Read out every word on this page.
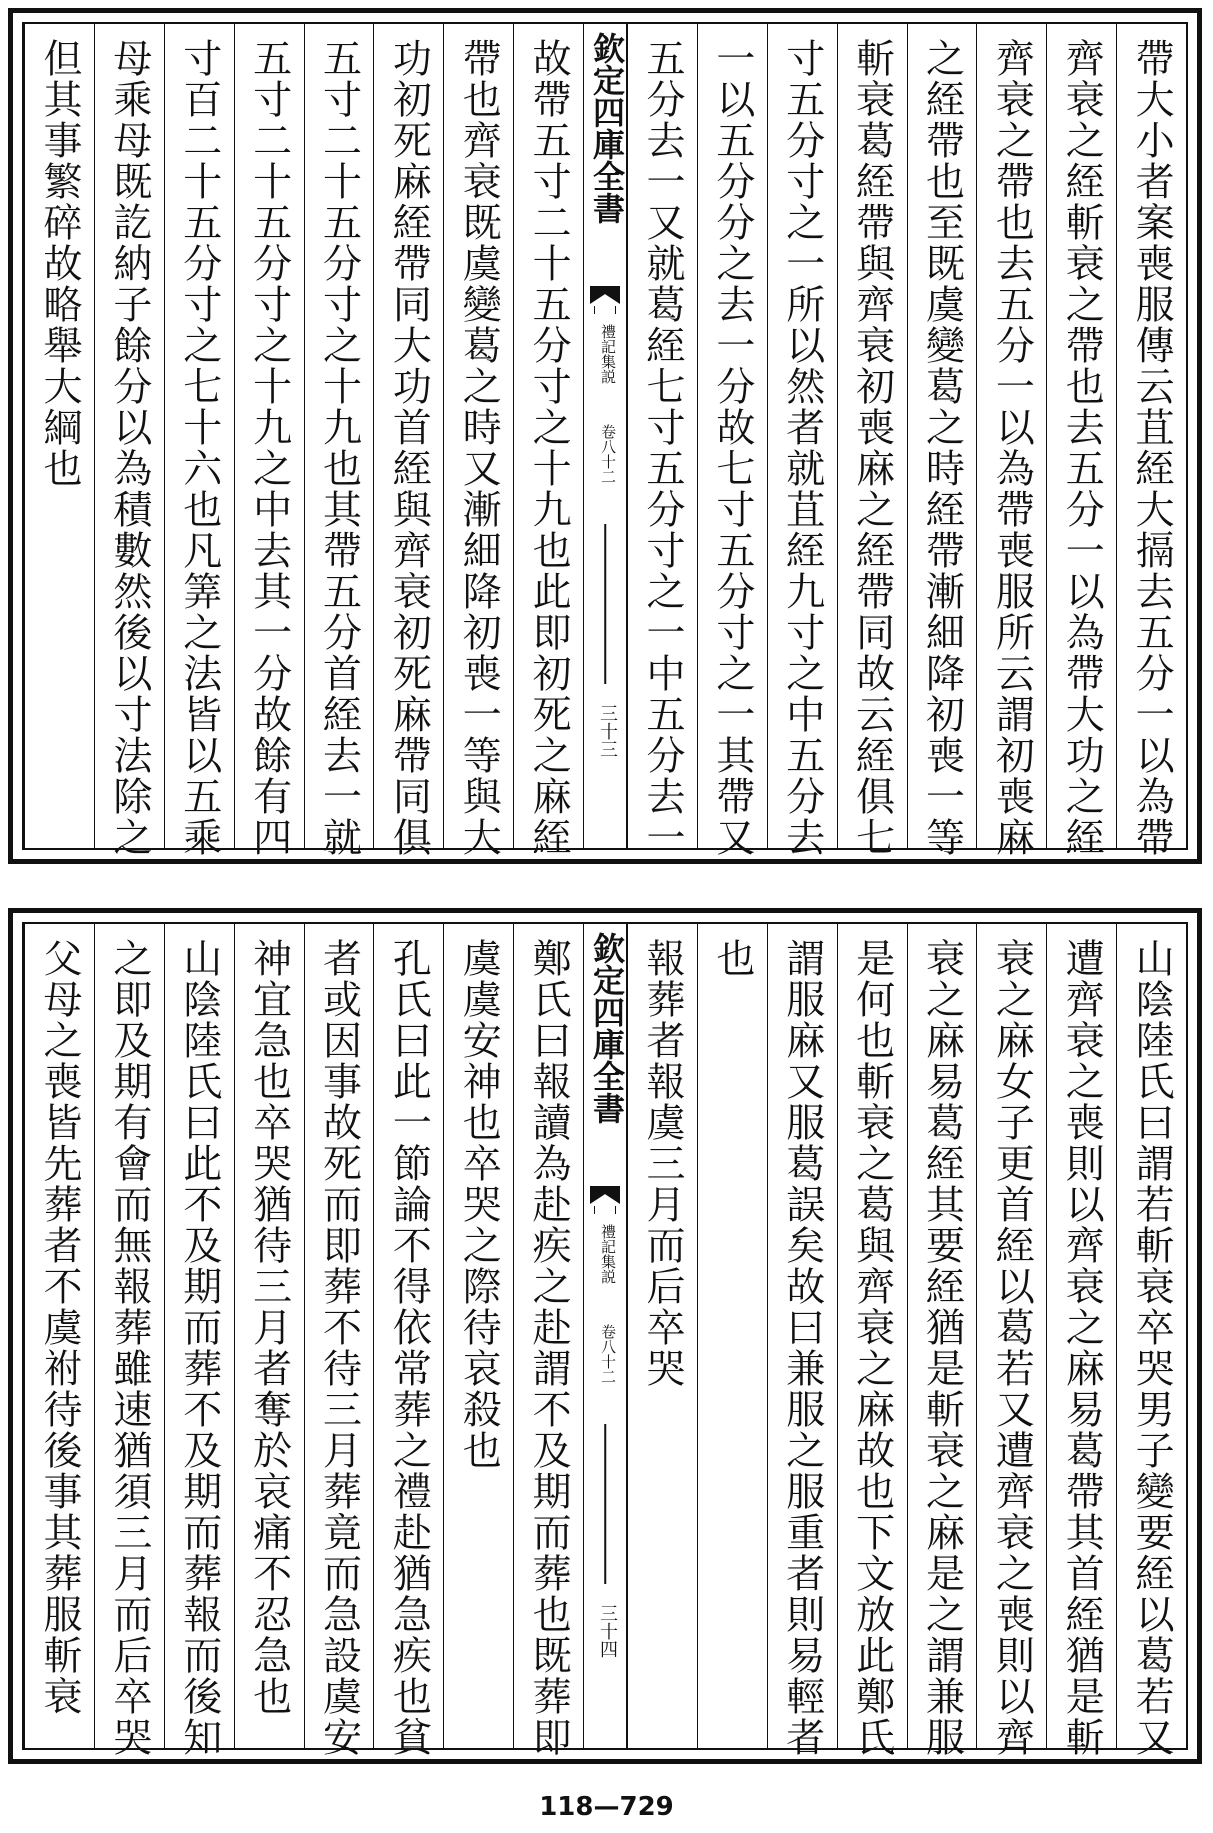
帶大小者案喪服傳云苴絰大搹去五分一以為帶
齊衰之絰斬衰之帶也去五分一以為帶大功之絰
齊衰之帶也去五分一以為帶喪服所云謂初喪麻
之絰帶也至既虞變葛之時絰帶漸細降初喪一等
斬衰葛絰帶與齊衰初喪麻之絰帶同故云絰俱七
寸五分寸之一所以然者就苴絰九寸之中五分去
一以五分分之去一分故七寸五分寸之一其帶又
五分去一又就葛絰七寸五分寸之一中五分去一
欽定四庫全書
禮記集説
卷八十二
三十三
故帶五寸二十五分寸之十九也此即初死之麻絰
帶也齊衰既虞變葛之時又漸細降初喪一等與大
功初死麻絰帶同大功首絰與齊衰初死麻帶同俱
五寸二十五分寸之十九也其帶五分首絰去一就
五寸二十五分寸之十九之中去其一分故餘有四
寸百二十五分寸之七十六也凡筭之法皆以五乘
母乘母既訖納子餘分以為積數然後以寸法除之
但其事繁碎故略舉大綱也
山陰陸氏曰謂若斬衰卒哭男子變要絰以葛若又
遭齊衰之喪則以齊衰之麻易葛帶其首絰猶是斬
衰之麻女子更首絰以葛若又遭齊衰之喪則以齊
衰之麻易葛絰其要絰猶是斬衰之麻是之謂兼服
是何也斬衰之葛與齊衰之麻故也下文放此鄭氏
謂服麻又服葛誤矣故曰兼服之服重者則易輕者
也
報葬者報虞三月而后卒哭
欽定四庫全書
禮記集説
卷八十二
三十四
鄭氏曰報讀為赴疾之赴謂不及期而葬也既葬即
虞虞安神也卒哭之際待哀殺也
孔氏曰此一節論不得依常葬之禮赴猶急疾也貧
者或因事故死而即葬不待三月葬竟而急設虞安
神宜急也卒哭猶待三月者奪於哀痛不忍急也
山陰陸氏曰此不及期而葬不及期而葬報而後知
之即及期有會而無報葬雖速猶須三月而后卒哭
父母之喪皆先葬者不虞祔待後事其葬服斬衰
118—729
